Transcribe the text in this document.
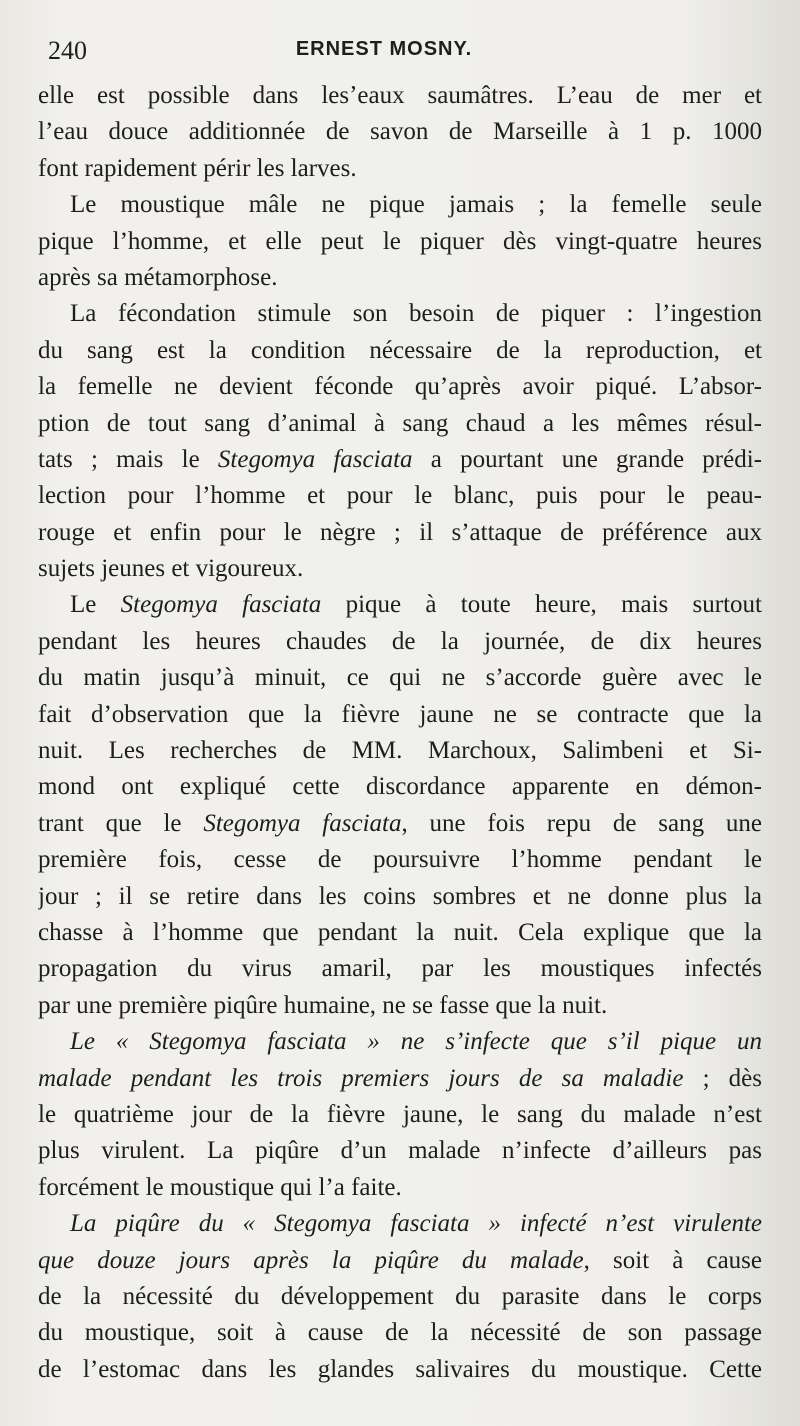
240	ERNEST MOSNY.
elle est possible dans lesʼeaux saumâtres. L’eau de mer et
l’eau douce additionnée de savon de Marseille à 1 p. 1000
font rapidement périr les larves.
Le moustique mâle ne pique jamais ; la femelle seule
pique l’homme, et elle peut le piquer dès vingt-quatre heures
après sa métamorphose.
La fécondation stimule son besoin de piquer : l’ingestion
du sang est la condition nécessaire de la reproduction, et
la femelle ne devient féconde qu’après avoir piqué. L’absor-
ption de tout sang d’animal à sang chaud a les mêmes résul-
tats ; mais le Stegomya fasciata a pourtant une grande prédi-
lection pour l’homme et pour le blanc, puis pour le peau-
rouge et enfin pour le nègre ; il s’attaque de préférence aux
sujets jeunes et vigoureux.
Le Stegomya fasciata pique à toute heure, mais surtout
pendant les heures chaudes de la journée, de dix heures
du matin jusqu’à minuit, ce qui ne s’accorde guère avec le
fait d’observation que la fièvre jaune ne se contracte que la
nuit. Les recherches de MM. Marchoux, Salimbeni et Si-
mond ont expliqué cette discordance apparente en démon-
trant que le Stegomya fasciata, une fois repu de sang une
première fois, cesse de poursuivre l’homme pendant le
jour ; il se retire dans les coins sombres et ne donne plus la
chasse à l’homme que pendant la nuit. Cela explique que la
propagation du virus amaril, par les moustiques infectés
par une première piqûre humaine, ne se fasse que la nuit.
Le « Stegomya fasciata » ne s’infecte que s’il pique un
malade pendant les trois premiers jours de sa maladie ; dès
le quatrième jour de la fièvre jaune, le sang du malade n’est
plus virulent. La piqûre d’un malade n’infecte d’ailleurs pas
forcément le moustique qui l’a faite.
La piqûre du « Stegomya fasciata » infecté n’est virulente
que douze jours après la piqûre du malade, soit à cause
de la nécessité du développement du parasite dans le corps
du moustique, soit à cause de la nécessité de son passage
de l’estomac dans les glandes salivaires du moustique. Cette
